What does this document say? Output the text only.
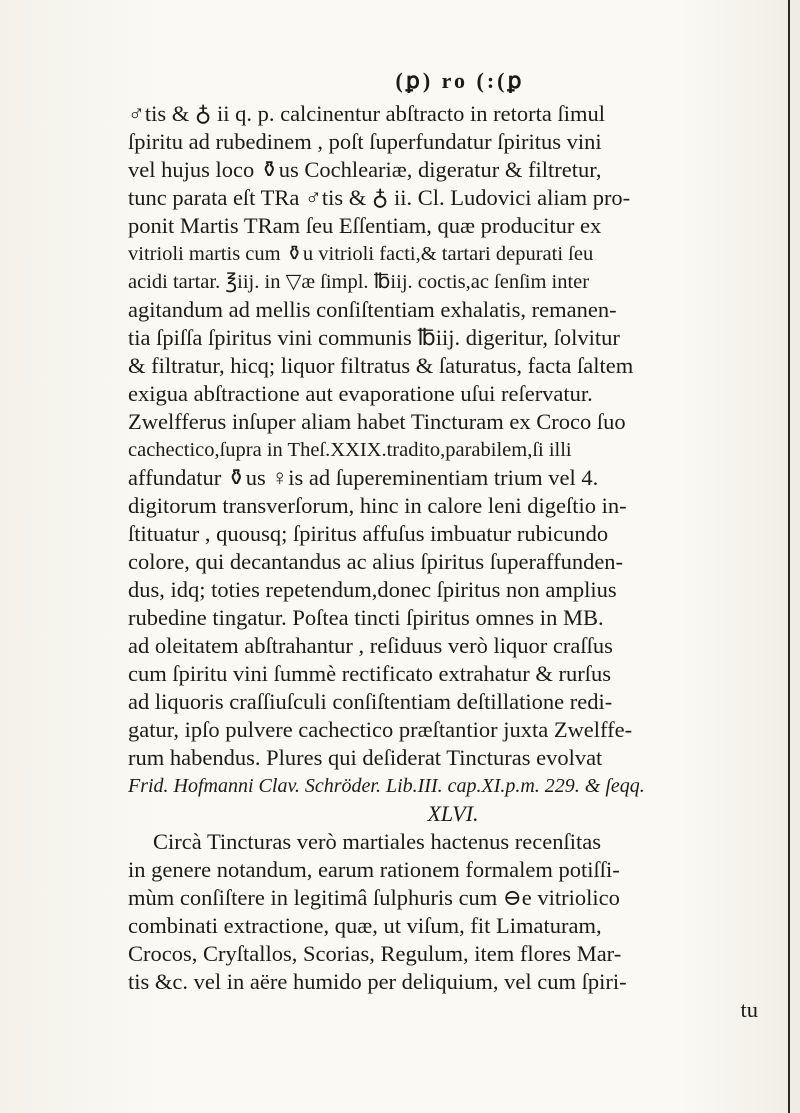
(ꝑ) ro (:(ꝑ
♂tis & ♁ ii q. p. calcinentur abſtracto in retorta ſimul
ſpiritu ad rubedinem , poſt ſuperfundatur ſpiritus vini
vel hujus loco ⚱us Cochleariæ, digeratur & filtretur,
tunc parata eſt TRa ♂tis & ♁ ii. Cl. Ludovici aliam pro-
ponit Martis TRam ſeu Eſſentiam, quæ producitur ex
vitrioli martis cum ⚱u vitrioli facti,& tartari depurati ſeu
acidi tartar. ℥iij. in ▽æ ſimpl. ℔iij. coctis,ac ſenſim inter
agitandum ad mellis conſiſtentiam exhalatis, remanen-
tia ſpiſſa ſpiritus vini communis ℔iij. digeritur, ſolvitur
& filtratur, hicq; liquor filtratus & ſaturatus, facta ſaltem
exigua abſtractione aut evaporatione uſui reſervatur.
Zwelfferus inſuper aliam habet Tincturam ex Croco ſuo
cachectico,ſupra in Theſ.XXIX.tradito,parabilem,ſi illi
affundatur ⚱us ♀is ad ſupereminentiam trium vel 4.
digitorum transverſorum, hinc in calore leni digeſtio in-
ſtituatur , quousq; ſpiritus affuſus imbuatur rubicundo
colore, qui decantandus ac alius ſpiritus ſuperaffunden-
dus, idq; toties repetendum,donec ſpiritus non amplius
rubedine tingatur. Poſtea tincti ſpiritus omnes in MB.
ad oleitatem abſtrahantur , reſiduus verò liquor craſſus
cum ſpiritu vini ſummè rectificato extrahatur & rurſus
ad liquoris craſſiuſculi conſiſtentiam deſtillatione redi-
gatur, ipſo pulvere cachectico præſtantior juxta Zwelffe-
rum habendus. Plures qui deſiderat Tincturas evolvat
Frid. Hofmanni Clav. Schröder. Lib.III. cap.XI.p.m. 229. & ſeqq.
XLVI.
Circà Tincturas verò martiales hactenus recenſitas
in genere notandum, earum rationem formalem potiſſi-
mùm conſiſtere in legitimâ ſulphuris cum ⊖e vitriolico
combinati extractione, quæ, ut viſum, fit Limaturam,
Crocos, Cryſtallos, Scorias, Regulum, item flores Mar-
tis &c. vel in aëre humido per deliquium, vel cum ſpiri-
tu
